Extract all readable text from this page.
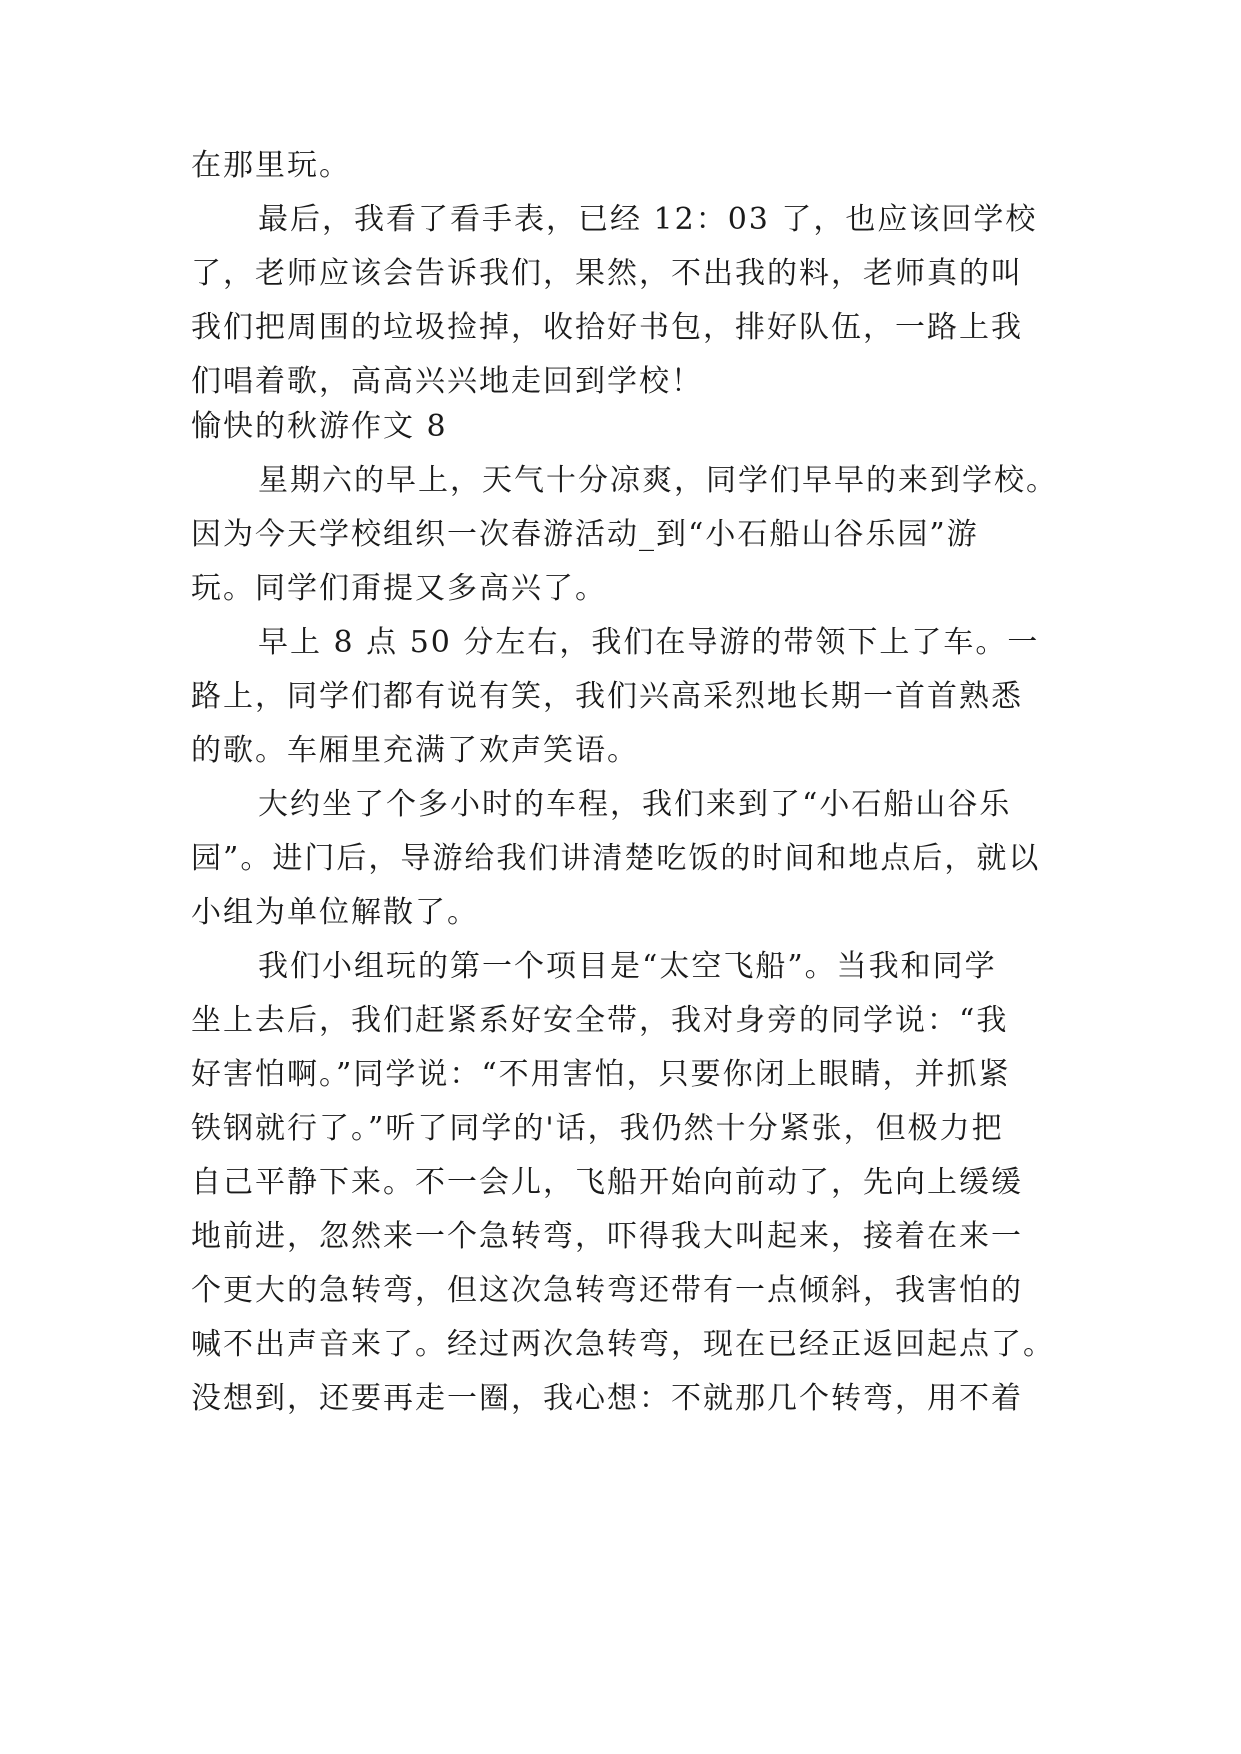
在那里玩。
最后，我看了看手表，已经 12：03 了，也应该回学校
了，老师应该会告诉我们，果然，不出我的料，老师真的叫
我们把周围的垃圾捡掉，收拾好书包，排好队伍，一路上我
们唱着歌，高高兴兴地走回到学校！
愉快的秋游作文 8
星期六的早上，天气十分凉爽，同学们早早的来到学校。
因为今天学校组织一次春游活动_到“小石船山谷乐园”游
玩。同学们甭提又多高兴了。
早上 8 点 50 分左右，我们在导游的带领下上了车。一
路上，同学们都有说有笑，我们兴高采烈地长期一首首熟悉
的歌。车厢里充满了欢声笑语。
大约坐了个多小时的车程，我们来到了“小石船山谷乐
园”。进门后，导游给我们讲清楚吃饭的时间和地点后，就以
小组为单位解散了。
我们小组玩的第一个项目是“太空飞船”。当我和同学
坐上去后，我们赶紧系好安全带，我对身旁的同学说：“我
好害怕啊。”同学说：“不用害怕，只要你闭上眼睛，并抓紧
铁钢就行了。”听了同学的'话，我仍然十分紧张，但极力把
自己平静下来。不一会儿，飞船开始向前动了，先向上缓缓
地前进，忽然来一个急转弯，吓得我大叫起来，接着在来一
个更大的急转弯，但这次急转弯还带有一点倾斜，我害怕的
喊不出声音来了。经过两次急转弯，现在已经正返回起点了。
没想到，还要再走一圈，我心想：不就那几个转弯，用不着
